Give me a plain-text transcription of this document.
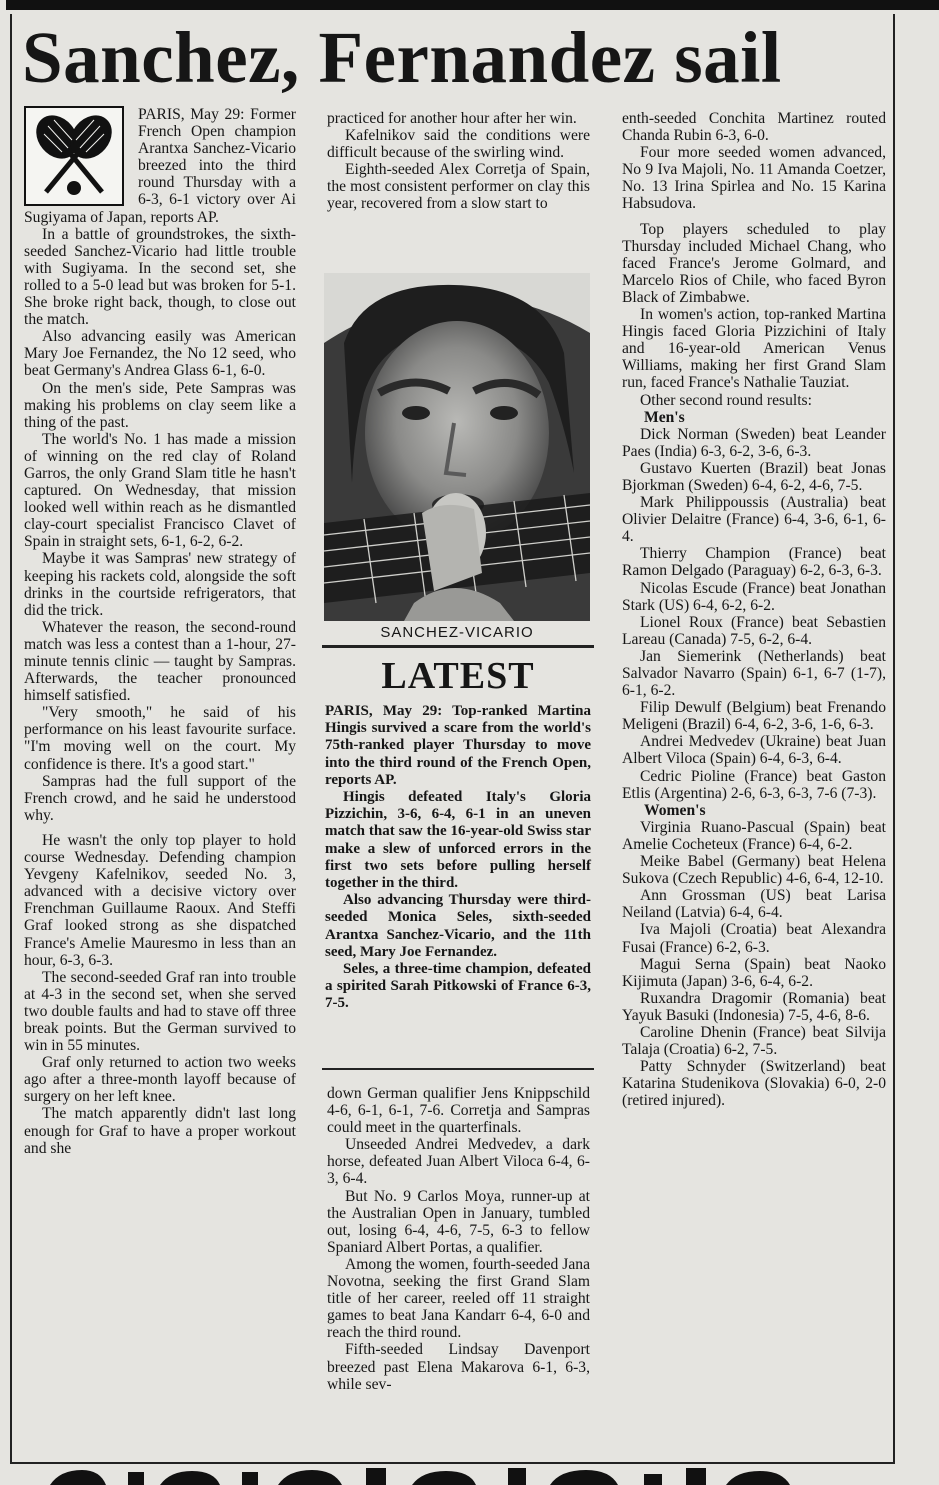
Sanchez, Fernandez sail

PARIS, May 29: Former French Open champion Arantxa Sanchez-Vicario breezed into the third round Thursday with a 6-3, 6-1 victory over Ai Sugiyama of Japan, reports AP.

In a battle of groundstrokes, the sixth-seeded Sanchez-Vicario had little trouble with Sugiyama. In the second set, she rolled to a 5-0 lead but was broken for 5-1. She broke right back, though, to close out the match.

Also advancing easily was American Mary Joe Fernandez, the No 12 seed, who beat Germany's Andrea Glass 6-1, 6-0.

On the men's side, Pete Sampras was making his problems on clay seem like a thing of the past.

The world's No. 1 has made a mission of winning on the red clay of Roland Garros, the only Grand Slam title he hasn't captured. On Wednesday, that mission looked well within reach as he dismantled clay-court specialist Francisco Clavet of Spain in straight sets, 6-1, 6-2, 6-2.

Maybe it was Sampras' new strategy of keeping his rackets cold, alongside the soft drinks in the courtside refrigerators, that did the trick.

Whatever the reason, the second-round match was less a contest than a 1-hour, 27-minute tennis clinic — taught by Sampras. Afterwards, the teacher pronounced himself satisfied.

"Very smooth," he said of his performance on his least favourite surface. "I'm moving well on the court. My confidence is there. It's a good start."

Sampras had the full support of the French crowd, and he said he understood why.

He wasn't the only top player to hold course Wednesday. Defending champion Yevgeny Kafelnikov, seeded No. 3, advanced with a decisive victory over Frenchman Guillaume Raoux. And Steffi Graf looked strong as she dispatched France's Amelie Mauresmo in less than an hour, 6-3, 6-3.

The second-seeded Graf ran into trouble at 4-3 in the second set, when she served two double faults and had to stave off three break points. But the German survived to win in 55 minutes.

Graf only returned to action two weeks ago after a three-month layoff because of surgery on her left knee.

The match apparently didn't last long enough for Graf to have a proper workout and she

practiced for another hour after her win.

Kafelnikov said the conditions were difficult because of the swirling wind.

Eighth-seeded Alex Corretja of Spain, the most consistent performer on clay this year, recovered from a slow start to

SANCHEZ-VICARIO
LATEST

PARIS, May 29: Top-ranked Martina Hingis survived a scare from the world's 75th-ranked player Thursday to move into the third round of the French Open, reports AP.

Hingis defeated Italy's Gloria Pizzichin, 3-6, 6-4, 6-1 in an uneven match that saw the 16-year-old Swiss star make a slew of unforced errors in the first two sets before pulling herself together in the third.

Also advancing Thursday were third-seeded Monica Seles, sixth-seeded Arantxa Sanchez-Vicario, and the 11th seed, Mary Joe Fernandez.

Seles, a three-time champion, defeated a spirited Sarah Pitkowski of France 6-3, 7-5.

down German qualifier Jens Knippschild 4-6, 6-1, 6-1, 7-6. Corretja and Sampras could meet in the quarterfinals.

Unseeded Andrei Medvedev, a dark horse, defeated Juan Albert Viloca 6-4, 6-3, 6-4.

But No. 9 Carlos Moya, runner-up at the Australian Open in January, tumbled out, losing 6-4, 4-6, 7-5, 6-3 to fellow Spaniard Albert Portas, a qualifier.

Among the women, fourth-seeded Jana Novotna, seeking the first Grand Slam title of her career, reeled off 11 straight games to beat Jana Kandarr 6-4, 6-0 and reach the third round.

Fifth-seeded Lindsay Davenport breezed past Elena Makarova 6-1, 6-3, while sev-

enth-seeded Conchita Martinez routed Chanda Rubin 6-3, 6-0.

Four more seeded women advanced, No 9 Iva Majoli, No. 11 Amanda Coetzer, No. 13 Irina Spirlea and No. 15 Karina Habsudova.

Top players scheduled to play Thursday included Michael Chang, who faced France's Jerome Golmard, and Marcelo Rios of Chile, who faced Byron Black of Zimbabwe.

In women's action, top-ranked Martina Hingis faced Gloria Pizzichini of Italy and 16-year-old American Venus Williams, making her first Grand Slam run, faced France's Nathalie Tauziat.

Other second round results:

Men's

Dick Norman (Sweden) beat Leander Paes (India) 6-3, 6-2, 3-6, 6-3.

Gustavo Kuerten (Brazil) beat Jonas Bjorkman (Sweden) 6-4, 6-2, 4-6, 7-5.

Mark Philippoussis (Australia) beat Olivier Delaitre (France) 6-4, 3-6, 6-1, 6-4.

Thierry Champion (France) beat Ramon Delgado (Paraguay) 6-2, 6-3, 6-3.

Nicolas Escude (France) beat Jonathan Stark (US) 6-4, 6-2, 6-2.

Lionel Roux (France) beat Sebastien Lareau (Canada) 7-5, 6-2, 6-4.

Jan Siemerink (Netherlands) beat Salvador Navarro (Spain) 6-1, 6-7 (1-7), 6-1, 6-2.

Filip Dewulf (Belgium) beat Frenando Meligeni (Brazil) 6-4, 6-2, 3-6, 1-6, 6-3.

Andrei Medvedev (Ukraine) beat Juan Albert Viloca (Spain) 6-4, 6-3, 6-4.

Cedric Pioline (France) beat Gaston Etlis (Argentina) 2-6, 6-3, 6-3, 7-6 (7-3).

Women's

Virginia Ruano-Pascual (Spain) beat Amelie Cocheteux (France) 6-4, 6-2.

Meike Babel (Germany) beat Helena Sukova (Czech Republic) 4-6, 6-4, 12-10.

Ann Grossman (US) beat Larisa Neiland (Latvia) 6-4, 6-4.

Iva Majoli (Croatia) beat Alexandra Fusai (France) 6-2, 6-3.

Magui Serna (Spain) beat Naoko Kijimuta (Japan) 3-6, 6-4, 6-2.

Ruxandra Dragomir (Romania) beat Yayuk Basuki (Indonesia) 7-5, 4-6, 8-6.

Caroline Dhenin (France) beat Silvija Talaja (Croatia) 6-2, 7-5.

Patty Schnyder (Switzerland) beat Katarina Studenikova (Slovakia) 6-0, 2-0 (retired injured).
